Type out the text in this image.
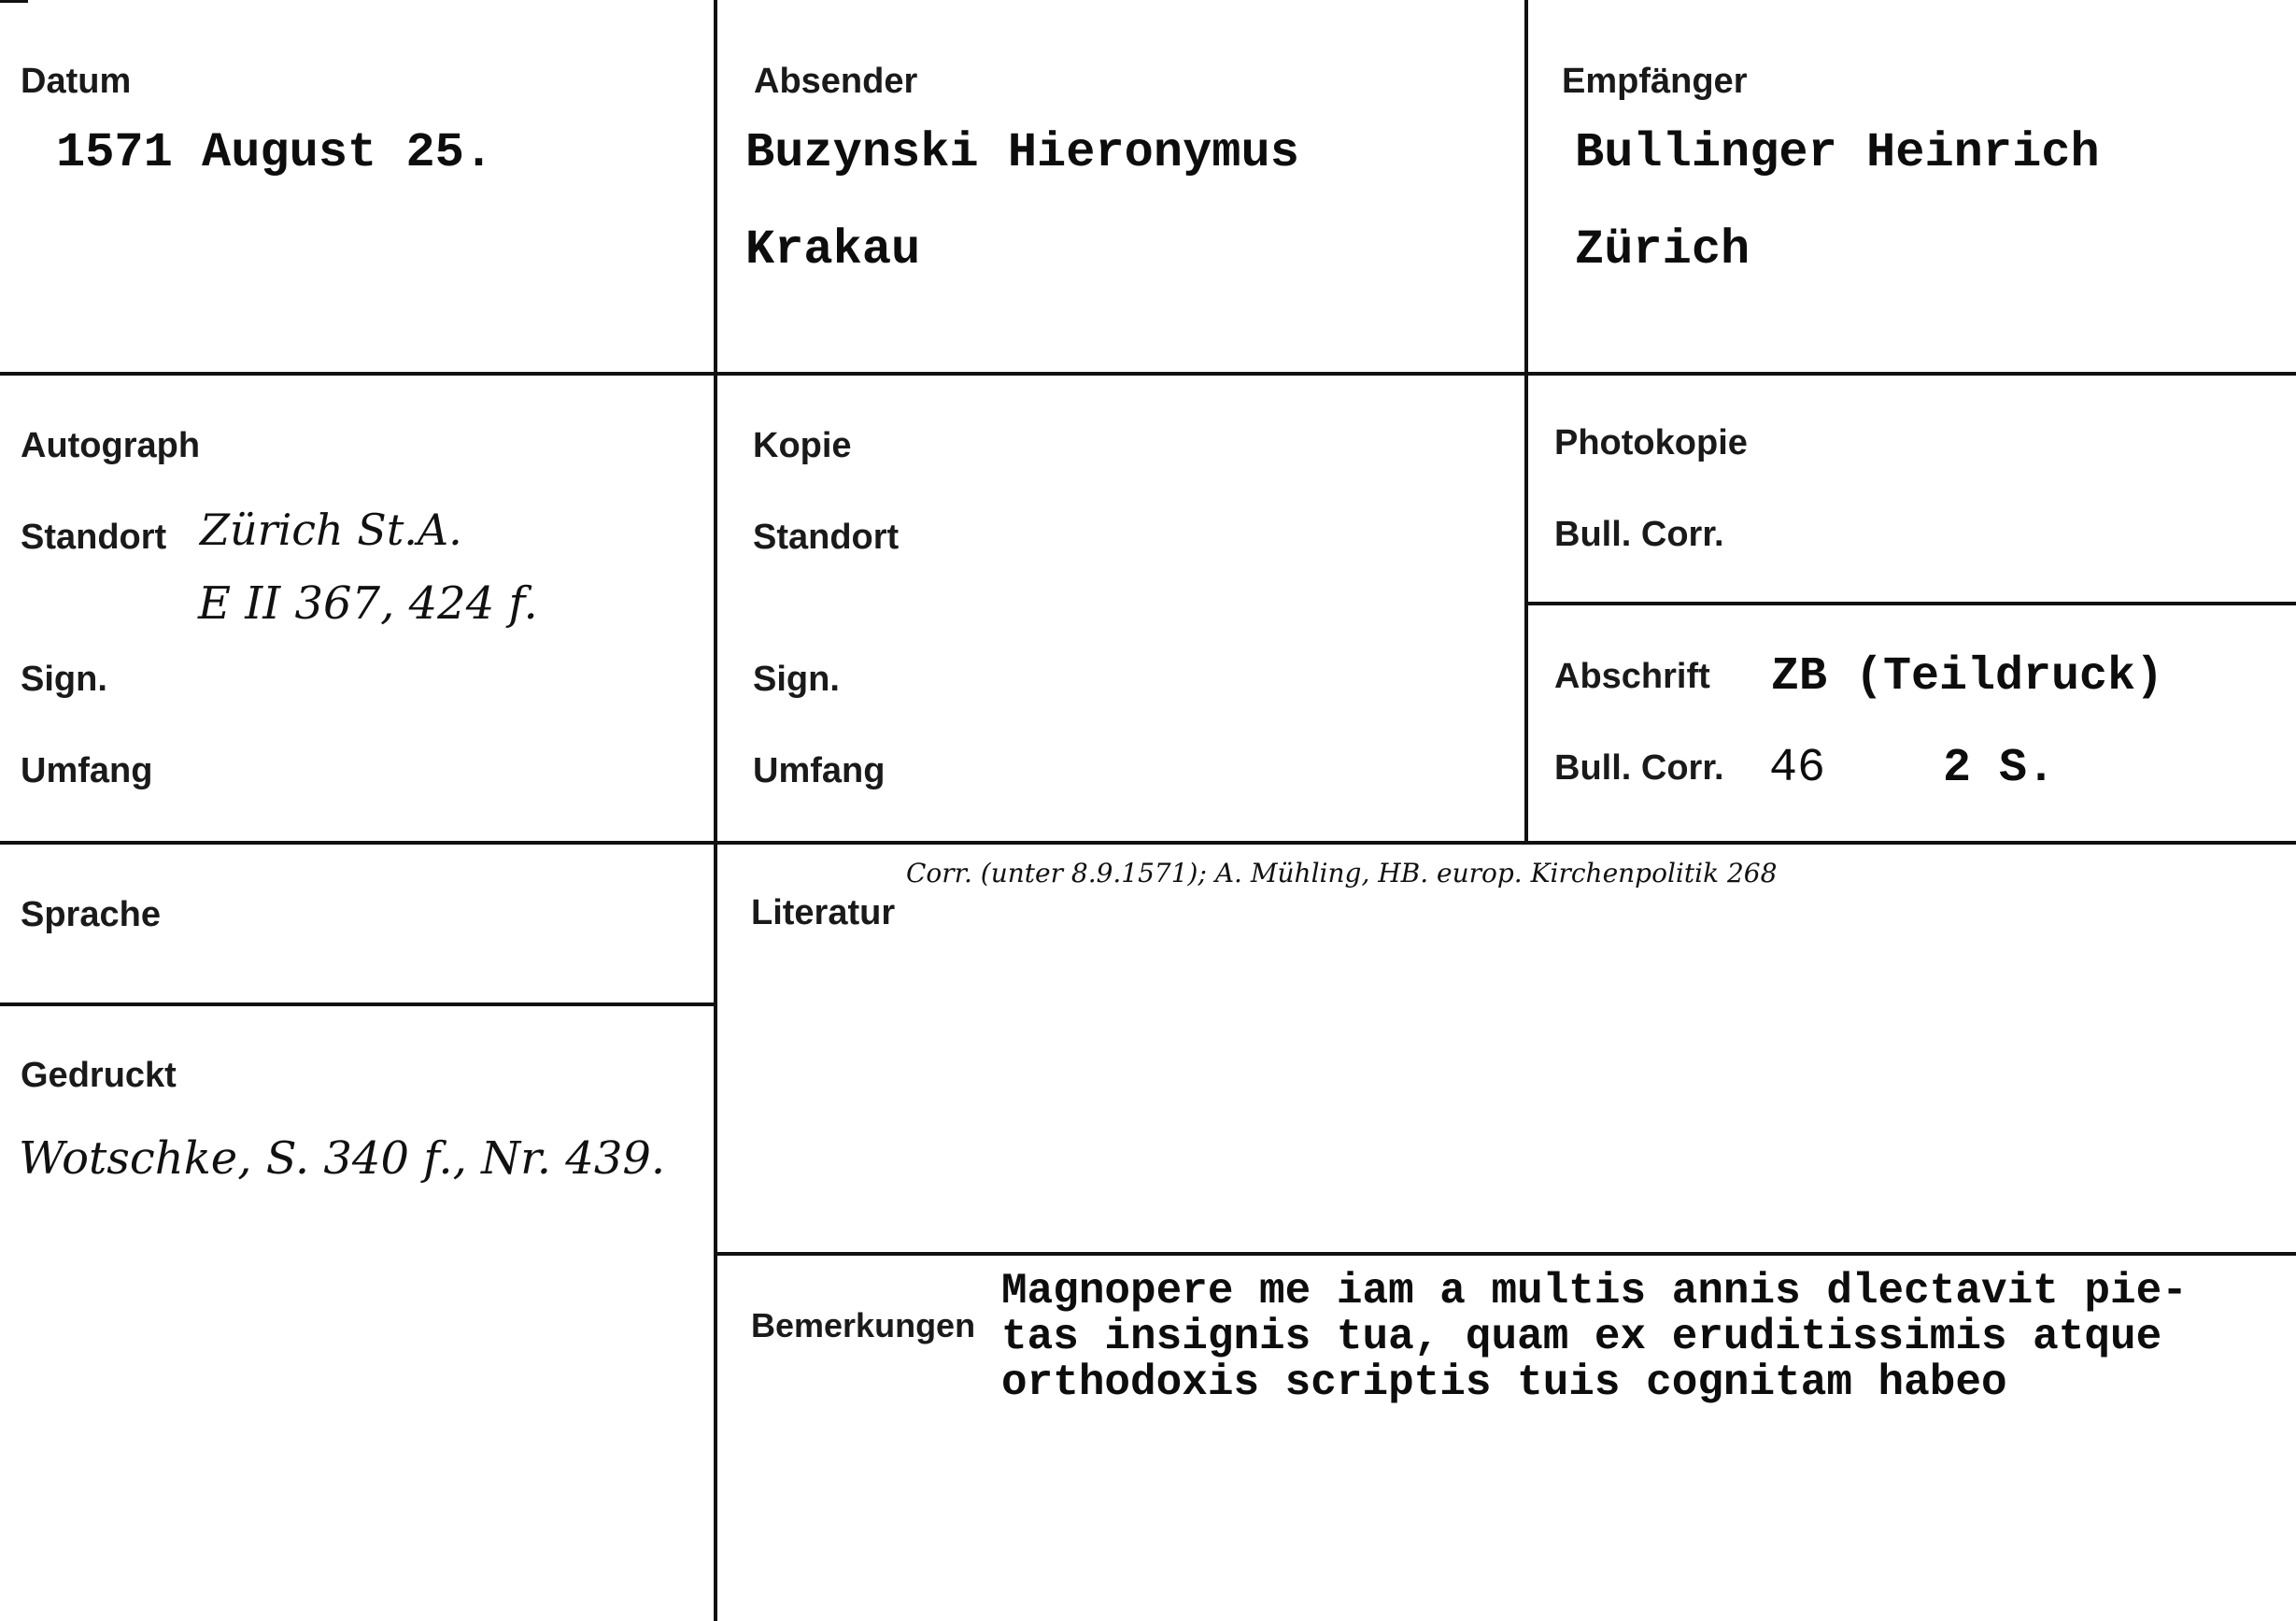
Datum
1571 August 25.
Absender
Buzynski Hieronymus
Krakau
Empfänger
Bullinger Heinrich
Zürich
Autograph
Standort Zürich St.A.
E II 367, 424 f.
Sign.
Umfang
Kopie
Standort
Sign.
Umfang
Photokopie
Bull. Corr.
Abschrift ZB (Teildruck)
Bull. Corr. 46	2 S.
Sprache	Literatur
Corr. (unter 8.9.1571); A. Mühling, HB. europ. Kirchenpolitik 268
Gedruckt
Wotschke, S. 340 f., Nr. 439.
Bemerkungen
Magnopere me iam a multis annis dlectavit pie-
tas insignis tua, quam ex eruditissimis atque
orthodoxis scriptis tuis cognitam habeo
